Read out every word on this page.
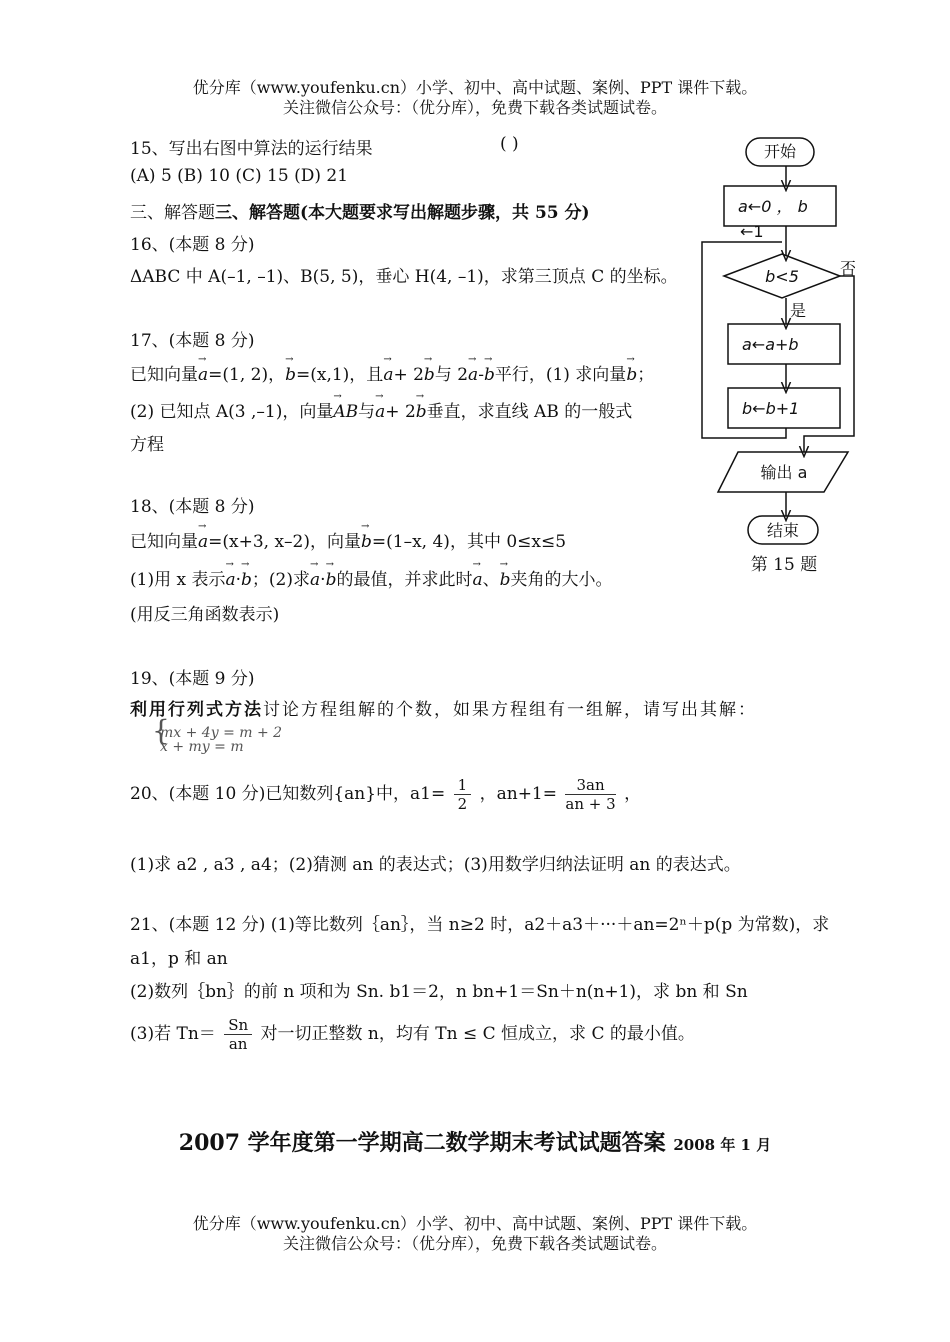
优分库（www.youfenku.cn）小学、初中、高中试题、案例、PPT 课件下载。
关注微信公众号：（优分库），免费下载各类试题试卷。
15、写出右图中算法的运行结果	( )
(A) 5 (B) 10 (C) 15 (D) 21
三、解答题三、解答题(本大题要求写出解题步骤，共 55 分)
16、(本题 8 分)
ΔABC 中 A(–1, –1)、B(5, 5)，垂心 H(4, –1)，求第三顶点 C 的坐标。
17、(本题 8 分)
已知向量→ a=(1, 2)，→ b=(x,1)，且→ a+ 2→ b与 2→ a-→ b平行，(1) 求向量→ b；
(2) 已知点 A(3 ,–1)，向量→ AB与→ a+ 2→ b垂直，求直线 AB 的一般式
方程
18、(本题 8 分)
已知向量→ a=(x+3, x–2)，向量→ b=(1–x, 4)，其中 0≤x≤5
(1)用 x 表示→ a·→ b；(2)求→ a·→ b的最值，并求此时→ a、→ b夹角的大小。
(用反三角函数表示)
19、(本题 9 分)
利用行列式方法讨论方程组解的个数，如果方程组有一组解，请写出其解：
{
mx + 4y = m + 2
x + my = m
20、(本题 10 分)已知数列{an}中，$a1= \frac{1}{2}$ ，$an+1= \frac{3an}{an + 3}$ ，
(1)求 a2 , a3 , a4；(2)猜测 an 的表达式；(3)用数学归纳法证明 an 的表达式。
21、(本题 12 分) (1)等比数列｛an｝，当 n≥2 时，a2＋a3＋···＋an=2ⁿ＋p(p 为常数)，求
a1，p 和 an
(2)数列｛bn｝的前 n 项和为 Sn. b1＝2，n bn+1＝Sn＋n(n+1)，求 bn 和 Sn
(3)若 $Tn= \frac{Sn}{an}$ 对一切正整数 n，均有 Tn ≤ C 恒成立，求 C 的最小值。
2007 学年度第一学期高二数学期末考试试题答案 2008 年 1 月
优分库（www.youfenku.cn）小学、初中、高中试题、案例、PPT 课件下载。
关注微信公众号：（优分库），免费下载各类试题试卷。
开始
a←0 ， b
←1
b<5	否
是
a←a+b
b←b+1
输出 a
结束
第 15 题
